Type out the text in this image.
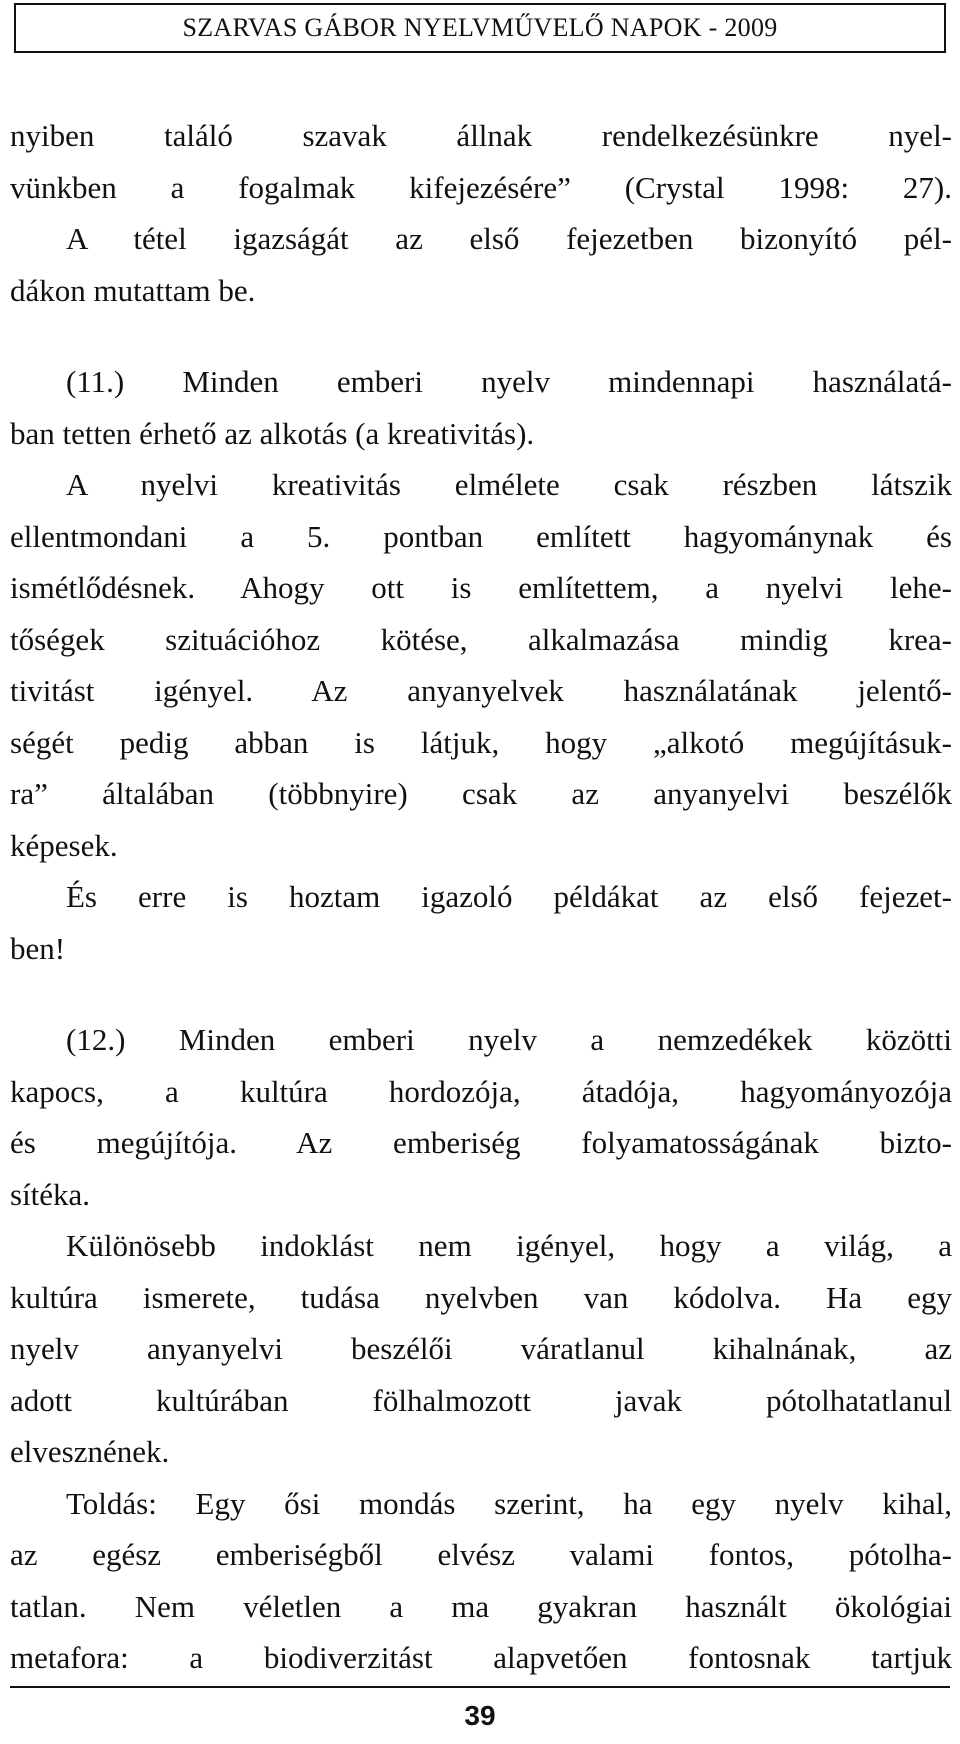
SZARVAS GÁBOR NYELVMŰVELŐ NAPOK - 2009
nyiben találó szavak állnak rendelkezésünkre nyel-
vünkben a fogalmak kifejezésére” (Crystal 1998: 27).
A tétel igazságát az első fejezetben bizonyító pél-
dákon mutattam be.
(11.) Minden emberi nyelv mindennapi használatá-
ban tetten érhető az alkotás (a kreativitás).
A nyelvi kreativitás elmélete csak részben látszik
ellentmondani a 5. pontban említett hagyománynak és
ismétlődésnek. Ahogy ott is említettem, a nyelvi lehe-
tőségek szituációhoz kötése, alkalmazása mindig krea-
tivitást igényel. Az anyanyelvek használatának jelentő-
ségét pedig abban is látjuk, hogy „alkotó megújításuk-
ra” általában (többnyire) csak az anyanyelvi beszélők
képesek.
És erre is hoztam igazoló példákat az első fejezet-
ben!
(12.) Minden emberi nyelv a nemzedékek közötti
kapocs, a kultúra hordozója, átadója, hagyományozója
és megújítója. Az emberiség folyamatosságának bizto-
sítéka.
Különösebb indoklást nem igényel, hogy a világ, a
kultúra ismerete, tudása nyelvben van kódolva. Ha egy
nyelv anyanyelvi beszélői váratlanul kihalnának, az
adott kultúrában fölhalmozott javak pótolhatatlanul
elvesznének.
Toldás: Egy ősi mondás szerint, ha egy nyelv kihal,
az egész emberiségből elvész valami fontos, pótolha-
tatlan. Nem véletlen a ma gyakran használt ökológiai
metafora: a biodiverzitást alapvetően fontosnak tartjuk
39
